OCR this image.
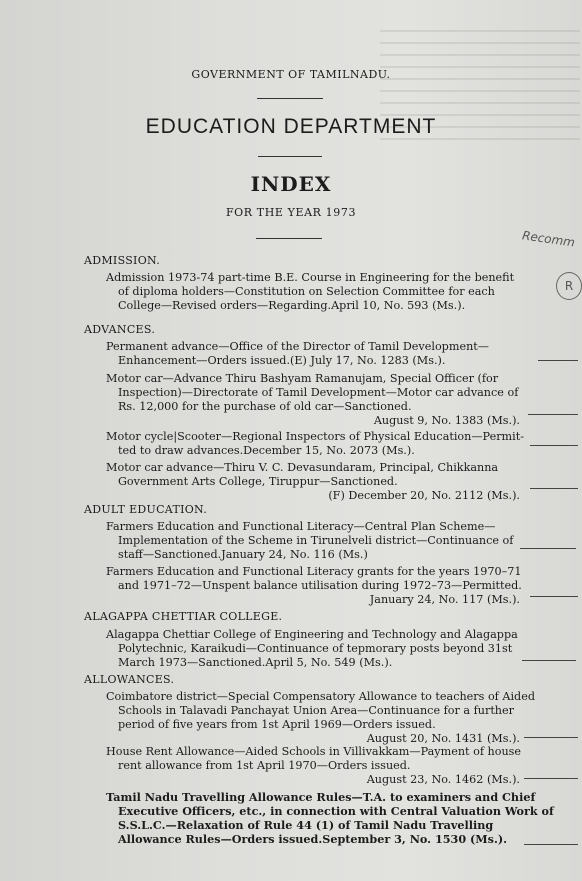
GOVERNMENT OF TAMILNADU.
EDUCATION DEPARTMENT
INDEX
FOR THE YEAR 1973
ADMISSION.
Admission 1973-74 part-time B.E. Course in Engineering for the benefit
of diploma holders—Constitution on Selection Committee for each
College—Revised orders—Regarding.April 10, No. 593 (Ms.).
ADVANCES.
Permanent advance—Office of the Director of Tamil Development—
Enhancement—Orders issued.(E) July 17, No. 1283 (Ms.).
Motor car—Advance Thiru Bashyam Ramanujam, Special Officer (for
Inspection)—Directorate of Tamil Development—Motor car advance of
Rs. 12,000 for the purchase of old car—Sanctioned.
August 9, No. 1383 (Ms.).
Motor cycle|Scooter—Regional Inspectors of Physical Education—Permit-
ted to draw advances.December 15, No. 2073 (Ms.).
Motor car advance—Thiru V. C. Devasundaram, Principal, Chikkanna
Government Arts College, Tiruppur—Sanctioned.
(F) December 20, No. 2112 (Ms.).
ADULT EDUCATION.
Farmers Education and Functional Literacy—Central Plan Scheme—
Implementation of the Scheme in Tirunelveli district—Continuance of
staff—Sanctioned.January 24, No. 116 (Ms.)
Farmers Education and Functional Literacy grants for the years 1970–71
and 1971–72—Unspent balance utilisation during 1972–73—Permitted.
January 24, No. 117 (Ms.).
ALAGAPPA CHETTIAR COLLEGE.
Alagappa Chettiar College of Engineering and Technology and Alagappa
Polytechnic, Karaikudi—Continuance of tepmorary posts beyond 31st
March 1973—Sanctioned.April 5, No. 549 (Ms.).
ALLOWANCES.
Coimbatore district—Special Compensatory Allowance to teachers of Aided
Schools in Talavadi Panchayat Union Area—Continuance for a further
period of five years from 1st April 1969—Orders issued.
August 20, No. 1431 (Ms.).
House Rent Allowance—Aided Schools in Villivakkam—Payment of house
rent allowance from 1st April 1970—Orders issued.
August 23, No. 1462 (Ms.).
Tamil Nadu Travelling Allowance Rules—T.A. to examiners and Chief
Executive Officers, etc., in connection with Central Valuation Work of
S.S.L.C.—Relaxation of Rule 44 (1) of Tamil Nadu Travelling
Allowance Rules—Orders issued.September 3, No. 1530 (Ms.).
Recomm
R
